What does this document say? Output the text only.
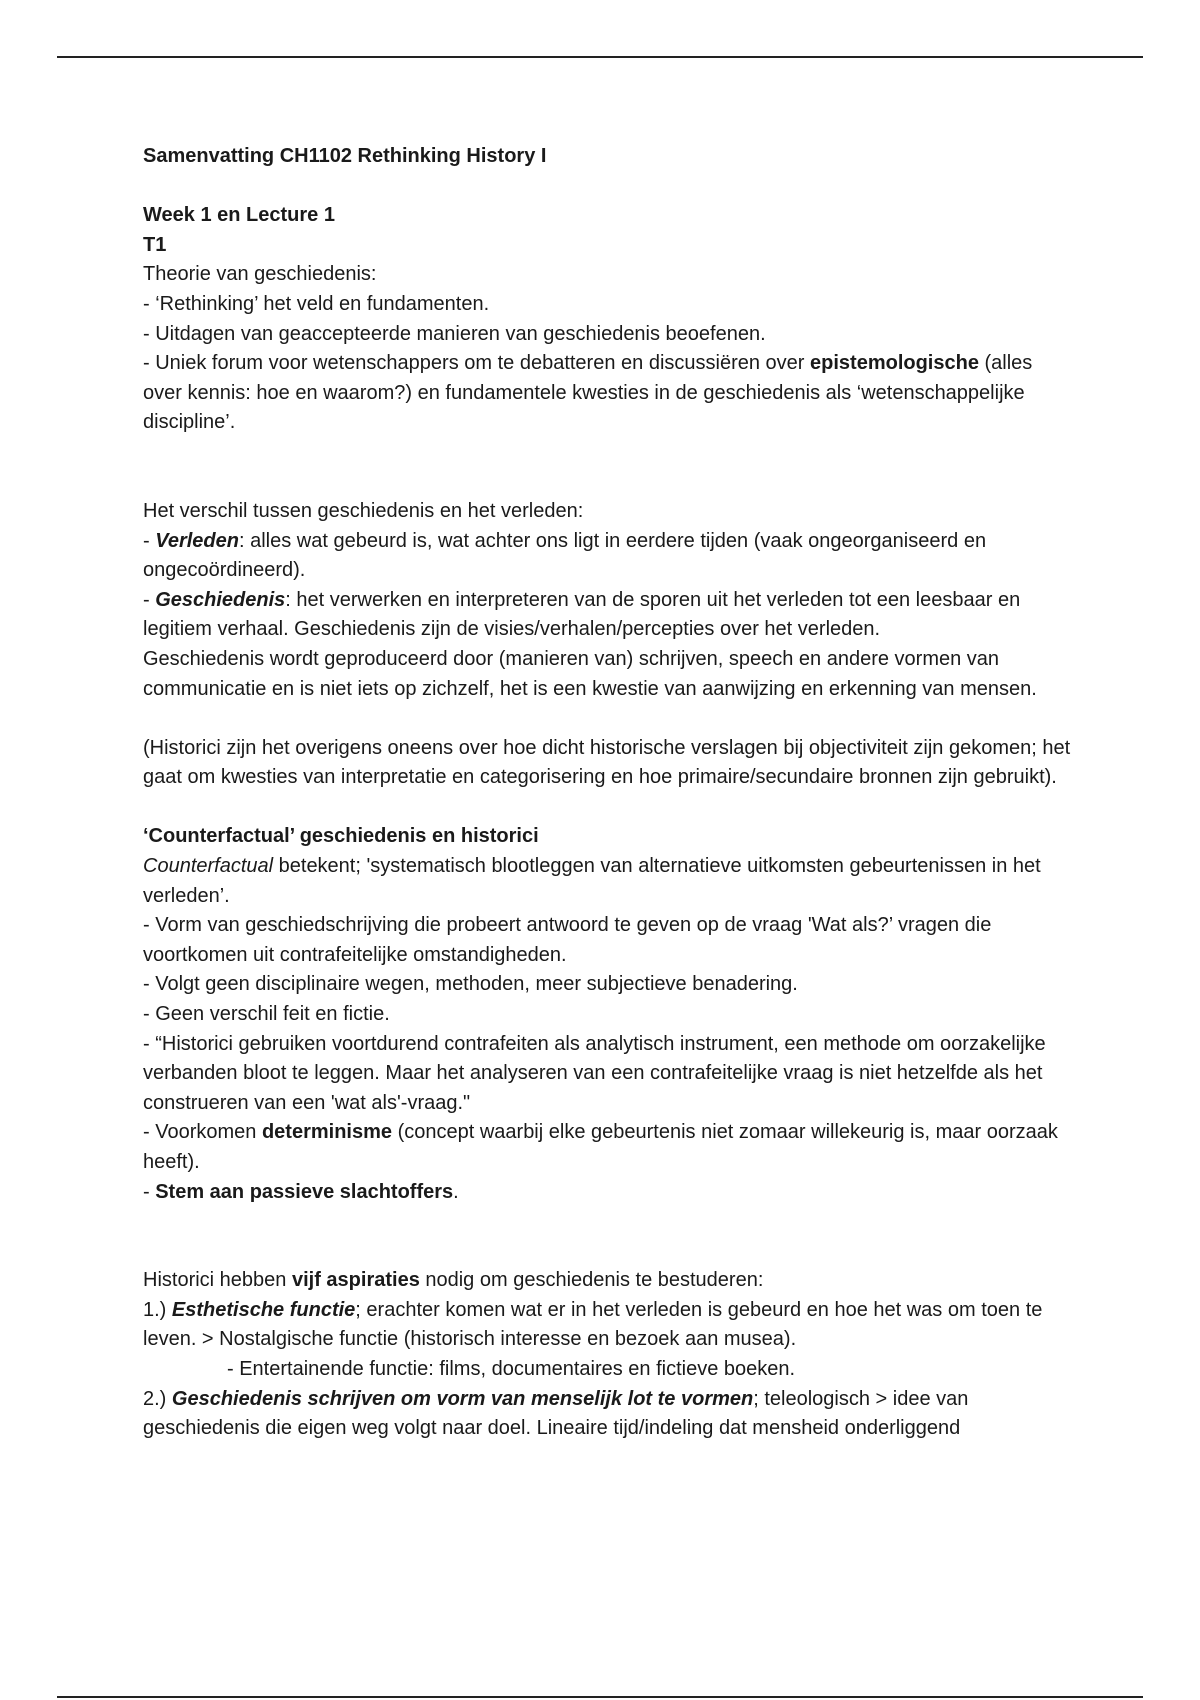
Samenvatting CH1102 Rethinking History I
Week 1 en Lecture 1
T1
Theorie van geschiedenis:
- ‘Rethinking’ het veld en fundamenten.
- Uitdagen van geaccepteerde manieren van geschiedenis beoefenen.
- Uniek forum voor wetenschappers om te debatteren en discussiëren over epistemologische (alles over kennis: hoe en waarom?) en fundamentele kwesties in de geschiedenis als ‘wetenschappelijke discipline’.
Het verschil tussen geschiedenis en het verleden:
- Verleden: alles wat gebeurd is, wat achter ons ligt in eerdere tijden (vaak ongeorganiseerd en ongecoördineerd).
- Geschiedenis: het verwerken en interpreteren van de sporen uit het verleden tot een leesbaar en legitiem verhaal. Geschiedenis zijn de visies/verhalen/percepties over het verleden.
Geschiedenis wordt geproduceerd door (manieren van) schrijven, speech en andere vormen van communicatie en is niet iets op zichzelf, het is een kwestie van aanwijzing en erkenning van mensen.
(Historici zijn het overigens oneens over hoe dicht historische verslagen bij objectiviteit zijn gekomen; het gaat om kwesties van interpretatie en categorisering en hoe primaire/secundaire bronnen zijn gebruikt).
‘Counterfactual’ geschiedenis en historici
Counterfactual betekent; 'systematisch blootleggen van alternatieve uitkomsten gebeurtenissen in het verleden’.
- Vorm van geschiedschrijving die probeert antwoord te geven op de vraag 'Wat als?’ vragen die voortkomen uit contrafeitelijke omstandigheden.
- Volgt geen disciplinaire wegen, methoden, meer subjectieve benadering.
- Geen verschil feit en fictie.
- “Historici gebruiken voortdurend contrafeiten als analytisch instrument, een methode om oorzakelijke verbanden bloot te leggen. Maar het analyseren van een contrafeitelijke vraag is niet hetzelfde als het construeren van een 'wat als'-vraag."
- Voorkomen determinisme (concept waarbij elke gebeurtenis niet zomaar willekeurig is, maar oorzaak heeft).
- Stem aan passieve slachtoffers.
Historici hebben vijf aspiraties nodig om geschiedenis te bestuderen:
1.) Esthetische functie; erachter komen wat er in het verleden is gebeurd en hoe het was om toen te leven. > Nostalgische functie (historisch interesse en bezoek aan musea).
- Entertainende functie: films, documentaires en fictieve boeken.
2.) Geschiedenis schrijven om vorm van menselijk lot te vormen; teleologisch > idee van geschiedenis die eigen weg volgt naar doel. Lineaire tijd/indeling dat mensheid onderliggend
